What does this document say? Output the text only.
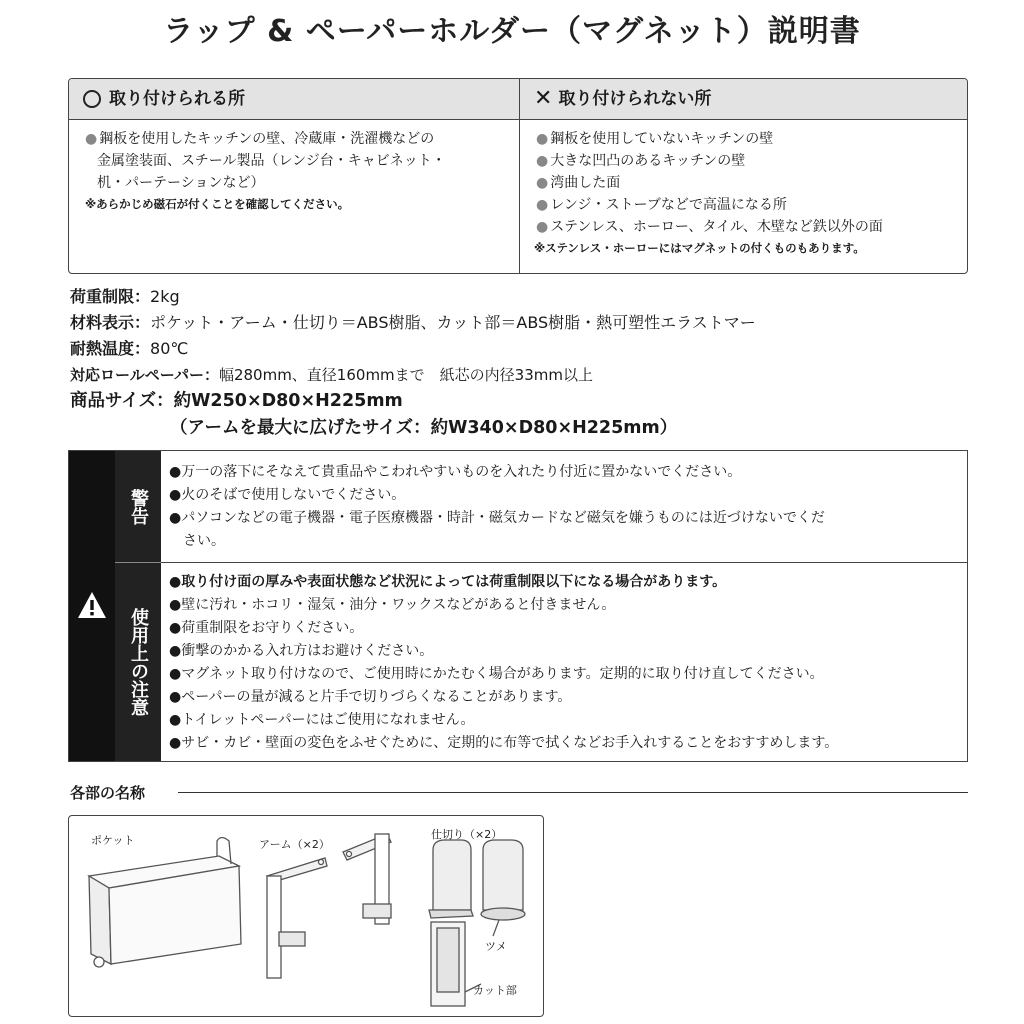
ラップ & ペーパーホルダー（マグネット）説明書
取り付けられる所
● 鋼板を使用したキッチンの壁、冷蔵庫・洗濯機などの
金属塗装面、スチール製品（レンジ台・キャビネット・
机・パーテーションなど）
※あらかじめ磁石が付くことを確認してください。
✕ 取り付けられない所
● 鋼板を使用していないキッチンの壁
● 大きな凹凸のあるキッチンの壁
● 湾曲した面
● レンジ・ストーブなどで高温になる所
● ステンレス、ホーロー、タイル、木壁など鉄以外の面
※ステンレス・ホーローにはマグネットの付くものもあります。
荷重制限：2kg
材料表示：ポケット・アーム・仕切り＝ABS樹脂、カット部＝ABS樹脂・熱可塑性エラストマー
耐熱温度：80℃
対応ロールペーパー：幅280mm、直径160mmまで　紙芯の内径33mm以上
商品サイズ：約W250×D80×H225mm
（アームを最大に広げたサイズ：約W340×D80×H225mm）
警告
使用上の注意
●万一の落下にそなえて貴重品やこわれやすいものを入れたり付近に置かないでください。
●火のそばで使用しないでください。
●パソコンなどの電子機器・電子医療機器・時計・磁気カードなど磁気を嫌うものには近づけないでくだ
さい。
●取り付け面の厚みや表面状態など状況によっては荷重制限以下になる場合があります。
●壁に汚れ・ホコリ・湿気・油分・ワックスなどがあると付きません。
●荷重制限をお守りください。
●衝撃のかかる入れ方はお避けください。
●マグネット取り付けなので、ご使用時にかたむく場合があります。定期的に取り付け直してください。
●ペーパーの量が減ると片手で切りづらくなることがあります。
●トイレットペーパーにはご使用になれません。
●サビ・カビ・壁面の変色をふせぐために、定期的に布等で拭くなどお手入れすることをおすすめします。
各部の名称
ポケット	アーム（×2）
仕切り（×2）
ツメ
カット部
